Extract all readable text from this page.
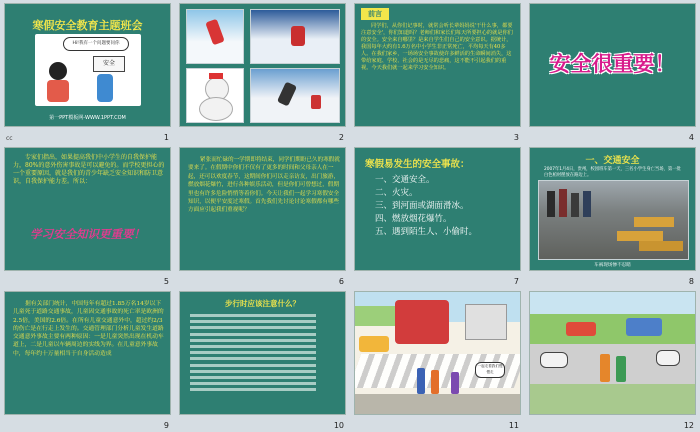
寒假安全教育主题班会
Hi!我有一个问题要问你
安全
第一PPT模板网-WWW.1PPT.COM
cc	1	2
前言
同学们，从你们记事时，就常会听长辈妈妈说'干什么事，都要注意安全'，你们知道吗？老师们和家长们每天所要担心的就是你们的安全。安全来自哪里？是来自学生们自己的安全意识。据统计，我国每年大约有1.6万名中小学生非正常死亡，平均每天有40多人。在我们家乡，一场场安全事故使许多鲜活的生命瞬间消失，这带给家庭、学校、社会的是无尽的悲痛，这不能不引起我们的重视。今天我们就一起来学习安全知识。
3
安全很重要！
4
专家们指出，如果提高我们中小学生的自我保护能力，80%的意外伤害事故是可以避免的。而学校更担心的一个重要原因，就是我们的青少年缺乏安全知识和防卫意识，自我保护能力差。所以：
学习安全知识更重要！
5
紧张而忙碌的一学期即将结束，同学们期盼已久的寒假就要来了。在假期中你们不仅有了更多的时间和父母亲人在一起，还可以欢度春节，这期间你们可以走亲访友，出门旅游，燃放烟花爆竹，进行各种娱乐活动，但是你们可曾想过，假期里也有许多危险悄悄等着你们。今天让我们一起学习寒假安全知识，以便平安度过寒假。首先我们先讨论讨论寒假都有哪些方面应引起我们重视呢？
6
寒假易发生的安全事故：
一、交通安全。
二、火灾。
三、到河面或湖面滑冰。
四、燃放烟花爆竹。
五、遇到陌生人、小偷时。
7
一、交通安全
2007年1月4日，贵州，校园班车第一天，三名小学生身亡当场，第一批白色棺材摆放在路边上。
车祸现场惨不忍睹
8
据有关部门统计，中国每年有超过1.85万名14岁以下儿童死于道路交通事故，儿童因交通事故的死亡率是欧洲的2.5倍，美国的2.6倍。在所有儿童交通意外中，超过约2/3的伤亡是在行走上发生的。交通管理部门分析儿童发生道路交通意外事故主要有两种原因：一是儿童突然出现在机动车道上，二是儿童以车辆周边的实线为界。在儿童意外事故中，每年约十万量相当于自身活动造成
9
步行时应该注意什么？
10
一起走着我们慢慢走
11	12
